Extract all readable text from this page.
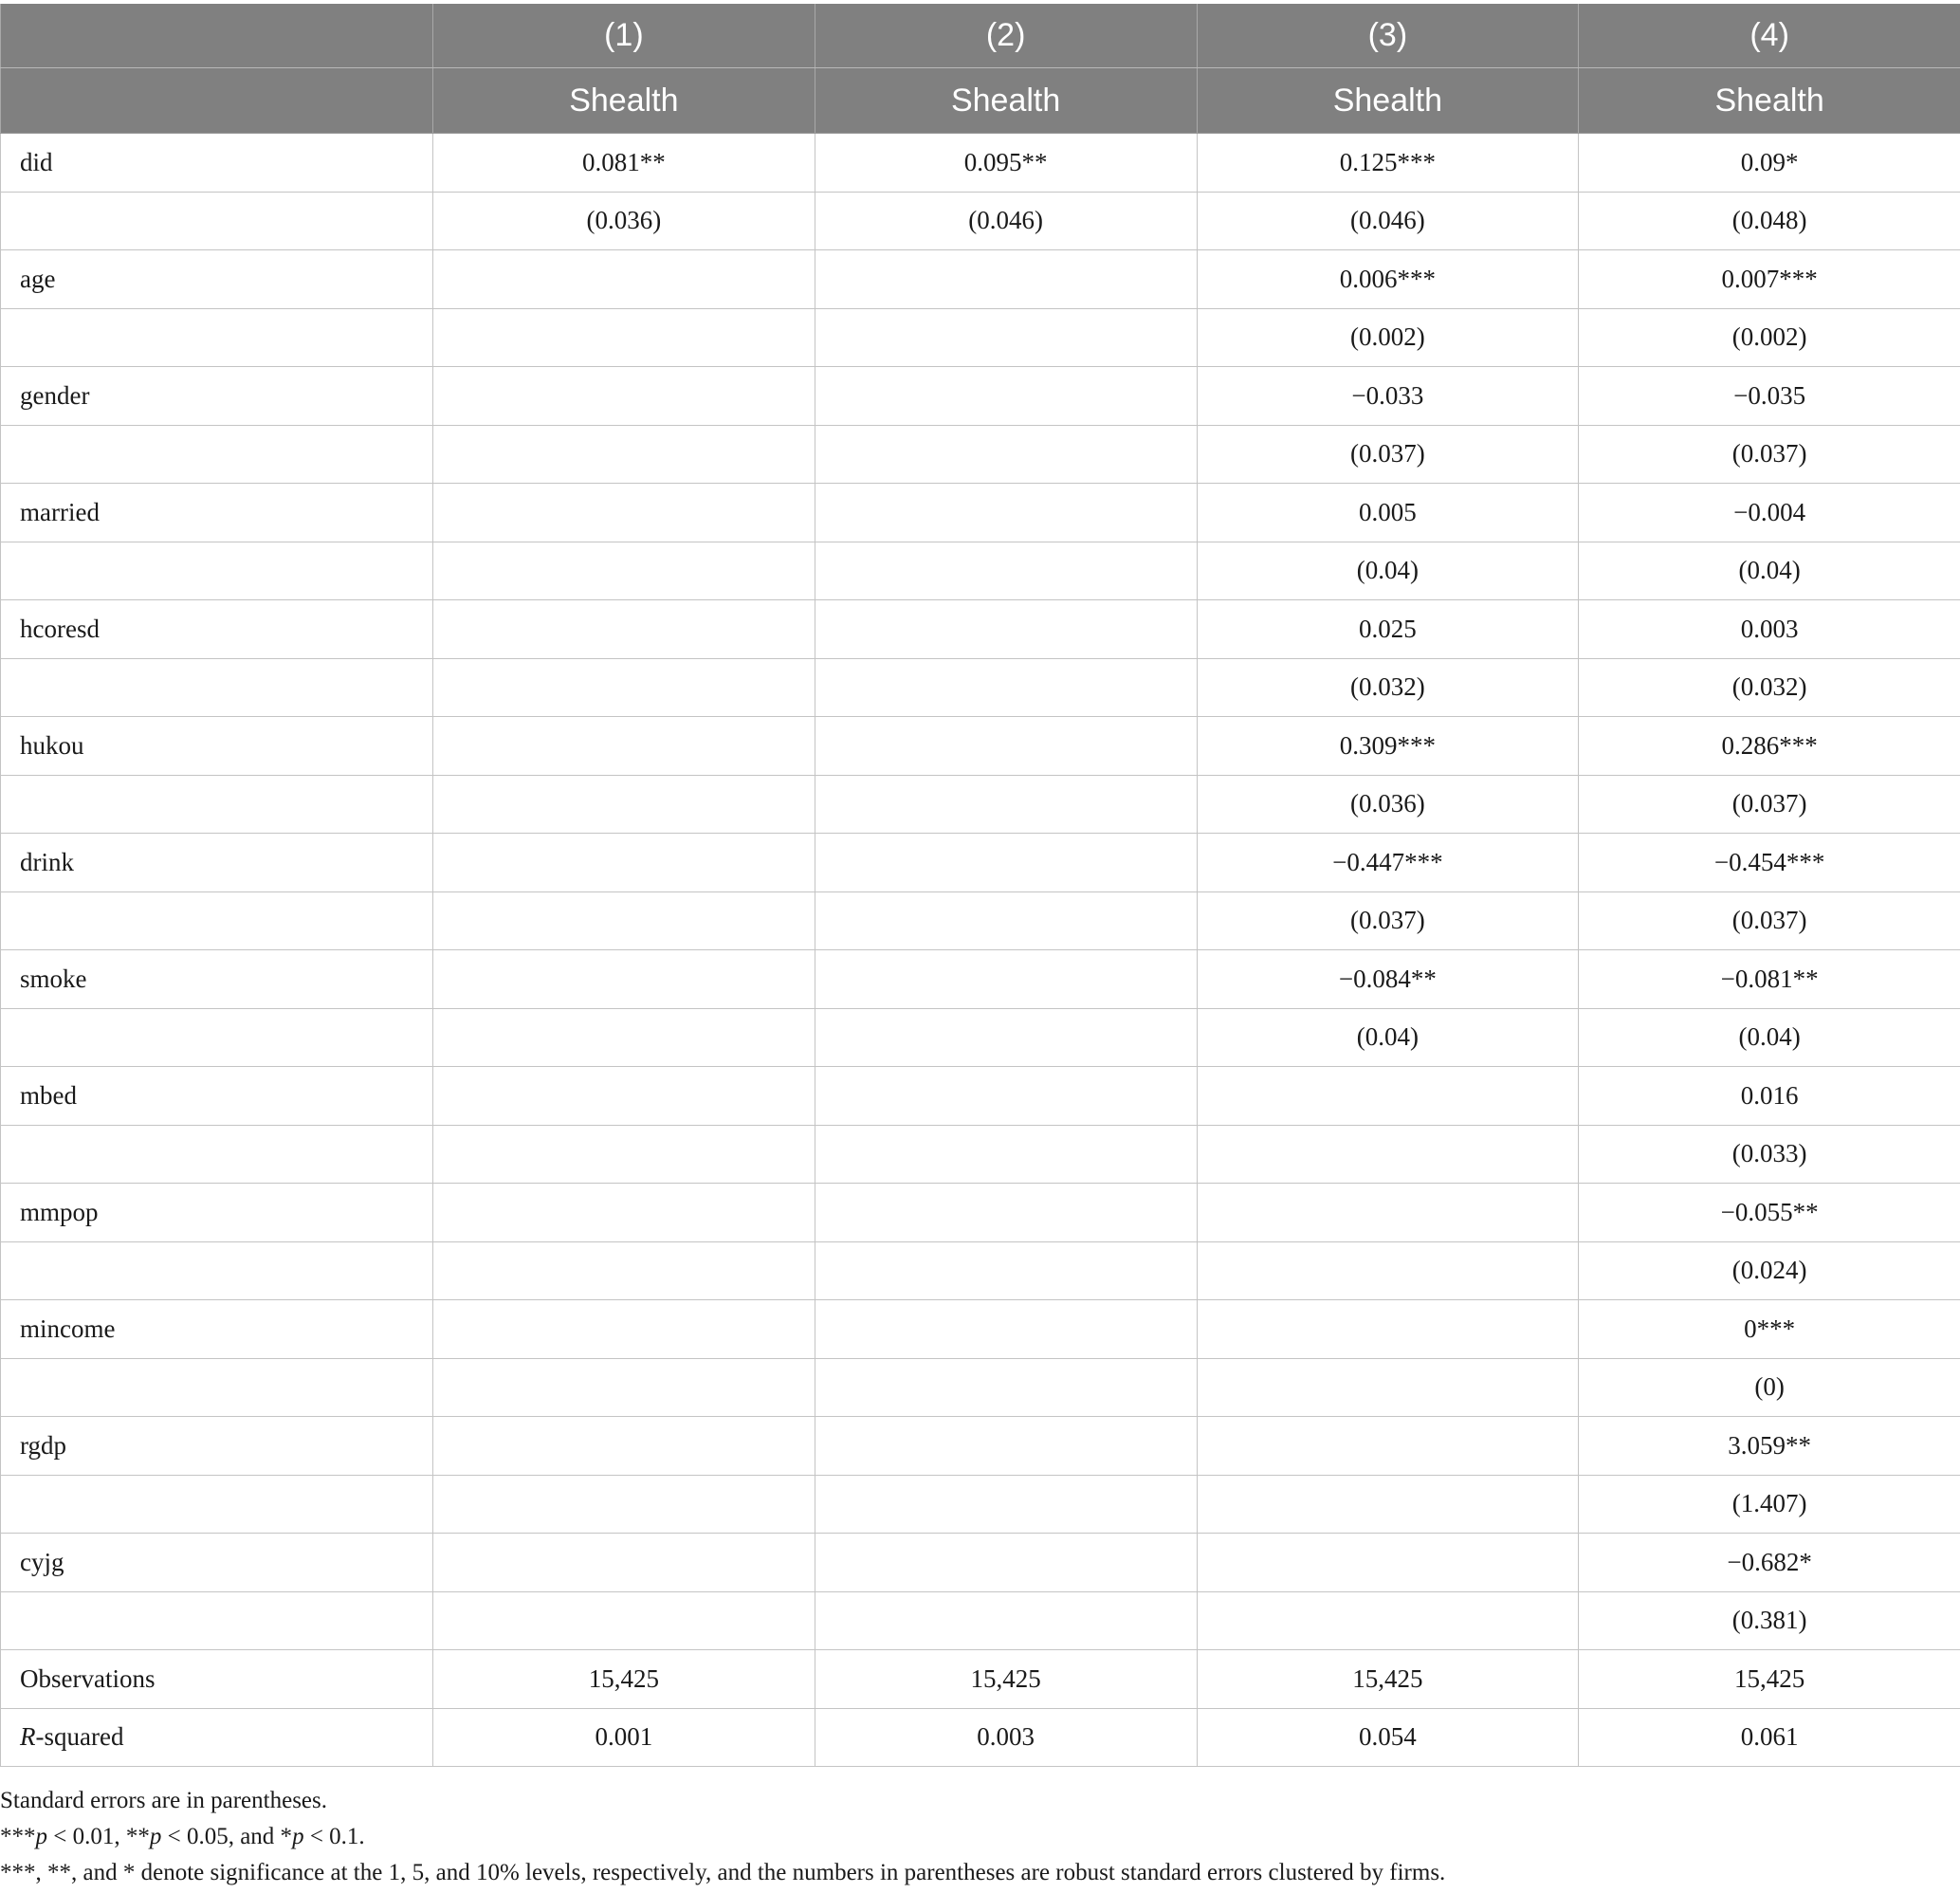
	(1)	(2)	(3)	(4)
	Shealth	Shealth	Shealth	Shealth
did	0.081**	0.095**	0.125***	0.09*
	(0.036)	(0.046)	(0.046)	(0.048)
age			0.006***	0.007***
			(0.002)	(0.002)
gender			−0.033	−0.035
			(0.037)	(0.037)
married			0.005	−0.004
			(0.04)	(0.04)
hcoresd			0.025	0.003
			(0.032)	(0.032)
hukou			0.309***	0.286***
			(0.036)	(0.037)
drink			−0.447***	−0.454***
			(0.037)	(0.037)
smoke			−0.084**	−0.081**
			(0.04)	(0.04)
mbed				0.016
				(0.033)
mmpop				−0.055**
				(0.024)
mincome				0***
				(0)
rgdp				3.059**
				(1.407)
cyjg				−0.682*
				(0.381)
Observations	15,425	15,425	15,425	15,425
R-squared	0.001	0.003	0.054	0.061
Standard errors are in parentheses.
***p < 0.01, **p < 0.05, and *p < 0.1.
***, **, and * denote significance at the 1, 5, and 10% levels, respectively, and the numbers in parentheses are robust standard errors clustered by firms.
